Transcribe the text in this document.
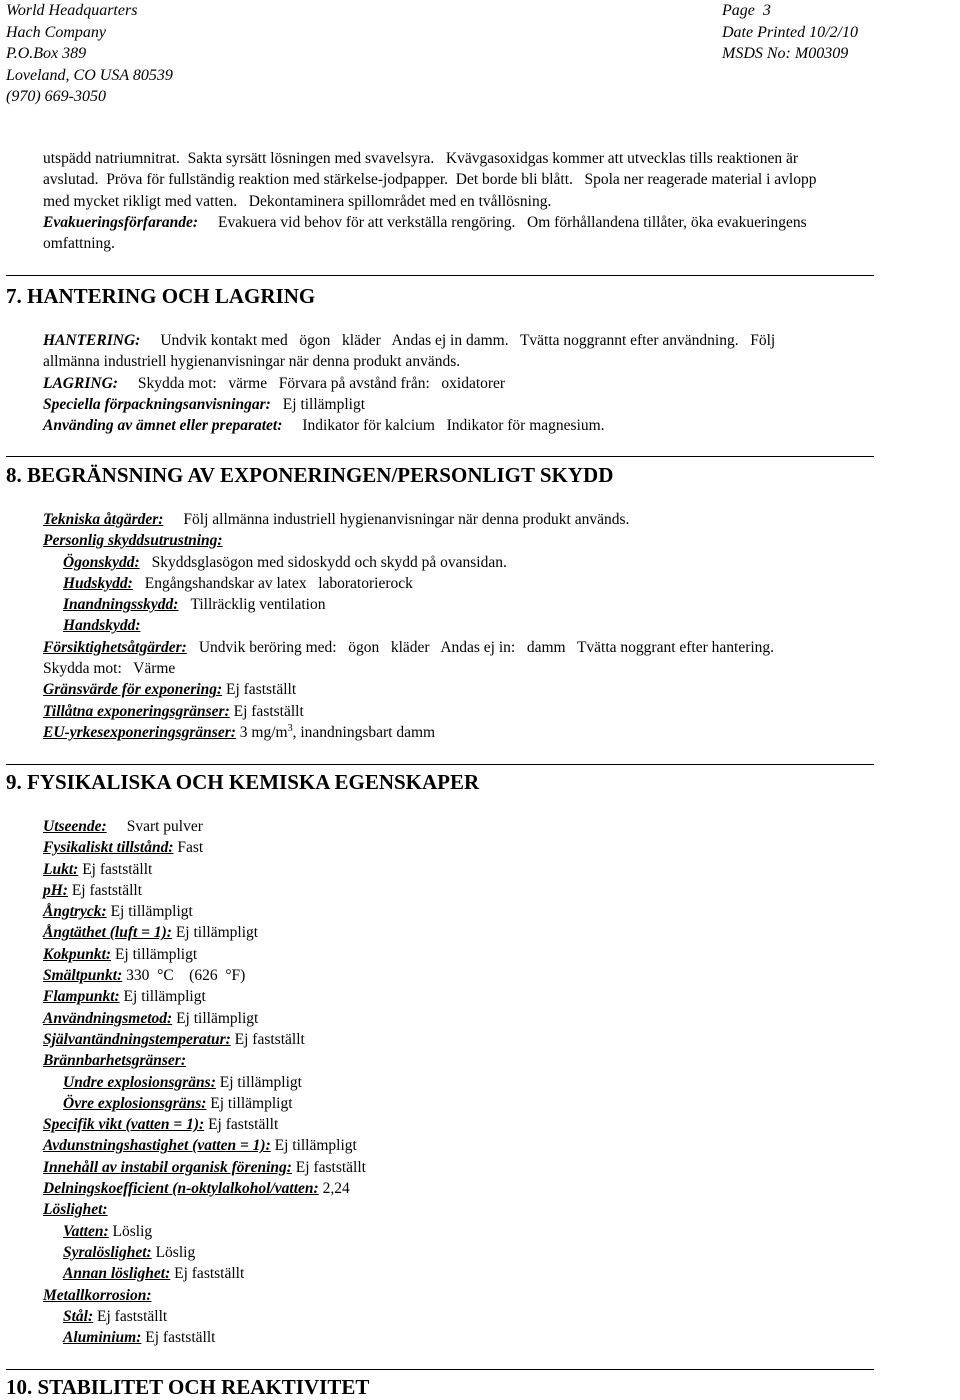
World Headquarters
Hach Company
P.O.Box 389
Loveland, CO USA 80539
(970) 669-3050
Page  3
Date Printed 10/2/10
MSDS No: M00309
utspädd natriumnitrat.  Sakta syrsätt lösningen med svavelsyra.   Kvävgasoxidgas kommer att utvecklas tills reaktionen är
avslutad.  Pröva för fullständig reaktion med stärkelse-jodpapper.  Det borde bli blått.   Spola ner reagerade material i avlopp
med mycket rikligt med vatten.   Dekontaminera spillområdet med en tvållösning.
Evakueringsförfarande: Evakuera vid behov för att verkställa rengöring.   Om förhållandena tillåter, öka evakueringens
omfattning.
7. HANTERING OCH LAGRING
HANTERING: Undvik kontakt med   ögon   kläder   Andas ej in damm.   Tvätta noggrannt efter användning.   Följ
allmänna industriell hygienanvisningar när denna produkt används.
LAGRING: Skydda mot:   värme   Förvara på avstånd från:   oxidatorer
Speciella förpackningsanvisningar: Ej tillämpligt
Använding av ämnet eller preparatet: Indikator för kalcium   Indikator för magnesium.
8. BEGRÄNSNING AV EXPONERINGEN/PERSONLIGT SKYDD
Tekniska åtgärder: Följ allmänna industriell hygienanvisningar när denna produkt används.
Personlig skyddsutrustning:
Ögonskydd: Skyddsglasögon med sidoskydd och skydd på ovansidan.
Hudskydd: Engångshandskar av latex   laboratorierock
Inandningsskydd: Tillräcklig ventilation
Handskydd:
Försiktighetsåtgärder: Undvik beröring med:   ögon   kläder   Andas ej in:   damm   Tvätta noggrant efter hantering.
Skydda mot:   Värme
Gränsvärde för exponering: Ej fastställt
Tillåtna exponeringsgränser: Ej fastställt
EU-yrkesexponeringsgränser: 3 $mg/m^3$, inandningsbart damm
9. FYSIKALISKA OCH KEMISKA EGENSKAPER
Utseende: Svart pulver
Fysikaliskt tillstånd: Fast
Lukt: Ej fastställt
pH: Ej fastställt
Ångtryck: Ej tillämpligt
Ångtäthet (luft = 1): Ej tillämpligt
Kokpunkt: Ej tillämpligt
Smältpunkt: 330  °C    (626  °F)
Flampunkt: Ej tillämpligt
Användningsmetod: Ej tillämpligt
Självantändningstemperatur: Ej fastställt
Brännbarhetsgränser:
Undre explosionsgräns: Ej tillämpligt
Övre explosionsgräns: Ej tillämpligt
Specifik vikt (vatten = 1): Ej fastställt
Avdunstningshastighet (vatten = 1): Ej tillämpligt
Innehåll av instabil organisk förening: Ej fastställt
Delningskoefficient (n-oktylalkohol/vatten: 2,24
Löslighet:
Vatten: Löslig
Syralöslighet: Löslig
Annan löslighet: Ej fastställt
Metallkorrosion:
Stål: Ej fastställt
Aluminium: Ej fastställt
10. STABILITET OCH REAKTIVITET
